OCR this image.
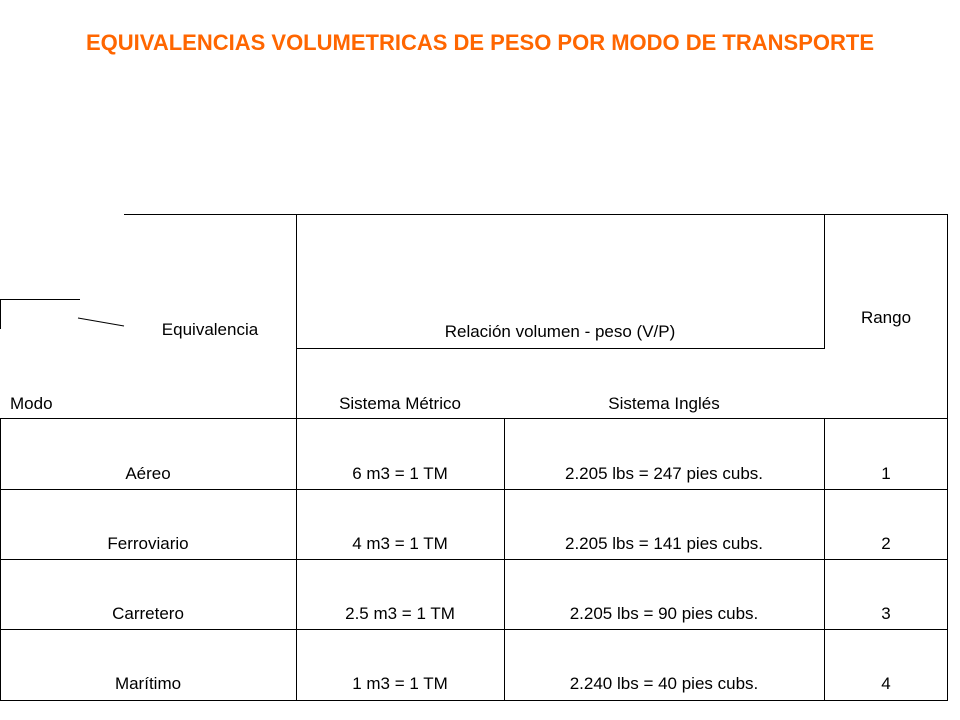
EQUIVALENCIAS VOLUMETRICAS DE PESO POR MODO DE TRANSPORTE
Equivalencia
Modo
Relación volumen - peso (V/P)
Rango
Sistema Métrico	Sistema Inglés
Aéreo	6 m3 = 1 TM	2.205 lbs = 247 pies cubs.	1
Ferroviario	4 m3 = 1 TM	2.205 lbs = 141 pies cubs.	2
Carretero	2.5 m3 = 1 TM	2.205 lbs = 90 pies cubs.	3
Marítimo	1 m3 = 1 TM	2.240 lbs = 40 pies cubs.	4
